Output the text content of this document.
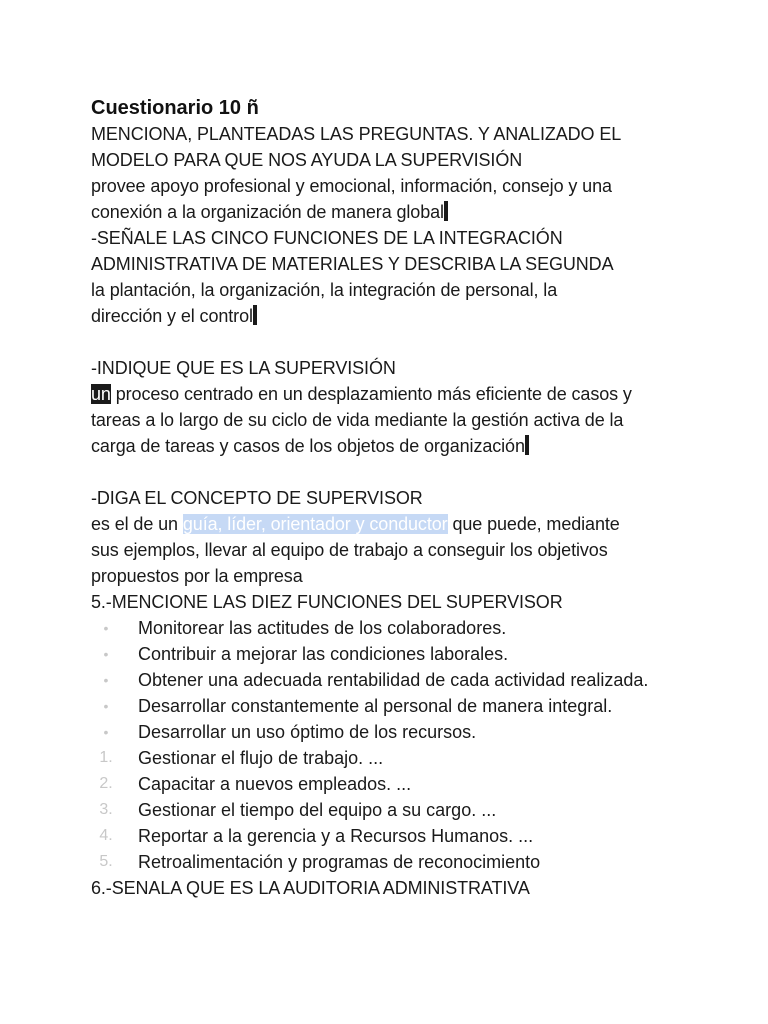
Cuestionario 10 ñ

MENCIONA, PLANTEADAS LAS PREGUNTAS. Y ANALIZADO EL

MODELO PARA QUE NOS AYUDA LA SUPERVISIÓN

provee apoyo profesional y emocional, información, consejo y una

conexión a la organización de manera global

-SEÑALE LAS CINCO FUNCIONES DE LA INTEGRACIÓN

ADMINISTRATIVA DE MATERIALES Y DESCRIBA LA SEGUNDA

la plantación, la organización, la integración de personal, la

dirección y el control

-INDIQUE QUE ES LA SUPERVISIÓN

un proceso centrado en un desplazamiento más eficiente de casos y

tareas a lo largo de su ciclo de vida mediante la gestión activa de la

carga de tareas y casos de los objetos de organización

-DIGA EL CONCEPTO DE SUPERVISOR

es el de un guía, líder, orientador y conductor que puede, mediante

sus ejemplos, llevar al equipo de trabajo a conseguir los objetivos

propuestos por la empresa

5.-MENCIONE LAS DIEZ FUNCIONES DEL SUPERVISOR

• Monitorear las actitudes de los colaboradores.
• Contribuir a mejorar las condiciones laborales.
• Obtener una adecuada rentabilidad de cada actividad realizada.
• Desarrollar constantemente al personal de manera integral.
• Desarrollar un uso óptimo de los recursos.
1.	Gestionar el flujo de trabajo. ...
2.	Capacitar a nuevos empleados. ...
3.	Gestionar el tiempo del equipo a su cargo. ...
4.	Reportar a la gerencia y a Recursos Humanos. ...
5.	Retroalimentación y programas de reconocimiento

6.-SENALA QUE ES LA AUDITORIA ADMINISTRATIVA
